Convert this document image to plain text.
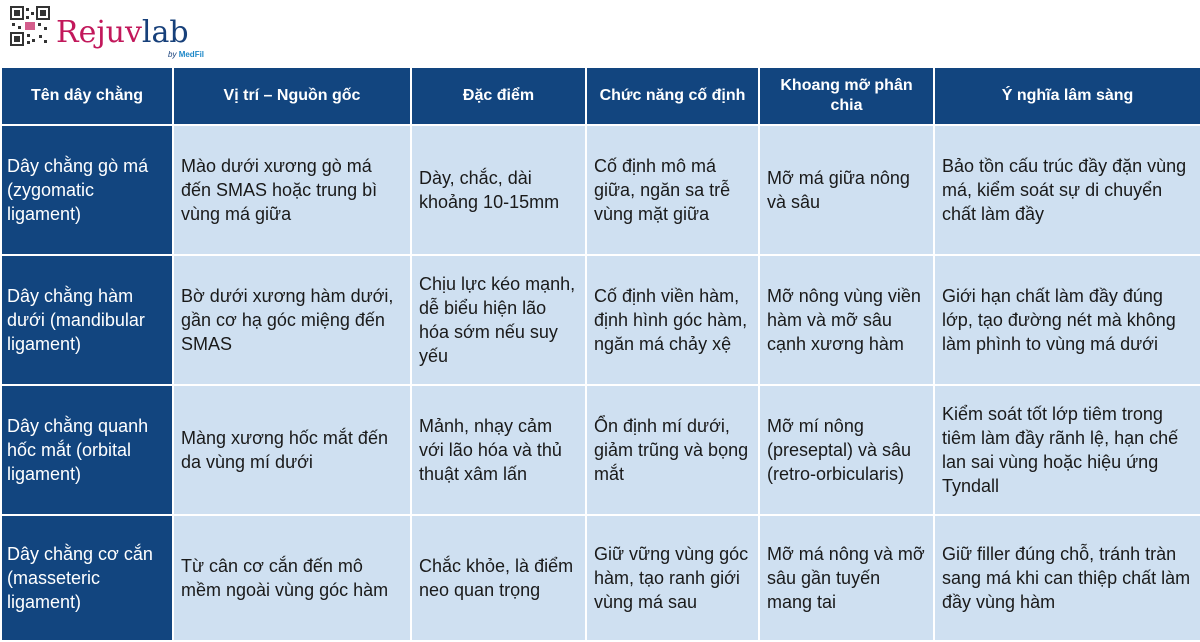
Rejuvlab
by MedFil
Tên dây chằng	Vị trí – Nguồn gốc	Đặc điểm	Chức năng cố định	Khoang mỡ phân chia	Ý nghĩa lâm sàng
Dây chằng gò má (zygomatic ligament)	Mào dưới xương gò má đến SMAS hoặc trung bì vùng má giữa	Dày, chắc, dài khoảng 10-15mm	Cố định mô má giữa, ngăn sa trễ vùng mặt giữa	Mỡ má giữa nông và sâu	Bảo tồn cấu trúc đầy đặn vùng má, kiểm soát sự di chuyển chất làm đầy
Dây chằng hàm dưới (mandibular ligament)	Bờ dưới xương hàm dưới, gần cơ hạ góc miệng đến SMAS	Chịu lực kéo mạnh, dễ biểu hiện lão hóa sớm nếu suy yếu	Cố định viền hàm, định hình góc hàm, ngăn má chảy xệ	Mỡ nông vùng viền hàm và mỡ sâu cạnh xương hàm	Giới hạn chất làm đầy đúng lớp, tạo đường nét mà không làm phình to vùng má dưới
Dây chằng quanh hốc mắt (orbital ligament)	Màng xương hốc mắt đến da vùng mí dưới	Mảnh, nhạy cảm với lão hóa và thủ thuật xâm lấn	Ổn định mí dưới, giảm trũng và bọng mắt	Mỡ mí nông (preseptal) và sâu (retro-orbicularis)	Kiểm soát tốt lớp tiêm trong tiêm làm đầy rãnh lệ, hạn chế lan sai vùng hoặc hiệu ứng Tyndall
Dây chằng cơ cắn (masseteric ligament)	Từ cân cơ cắn đến mô mềm ngoài vùng góc hàm	Chắc khỏe, là điểm neo quan trọng	Giữ vững vùng góc hàm, tạo ranh giới vùng má sau	Mỡ má nông và mỡ sâu gần tuyến mang tai	Giữ filler đúng chỗ, tránh tràn sang má khi can thiệp chất làm đầy vùng hàm
